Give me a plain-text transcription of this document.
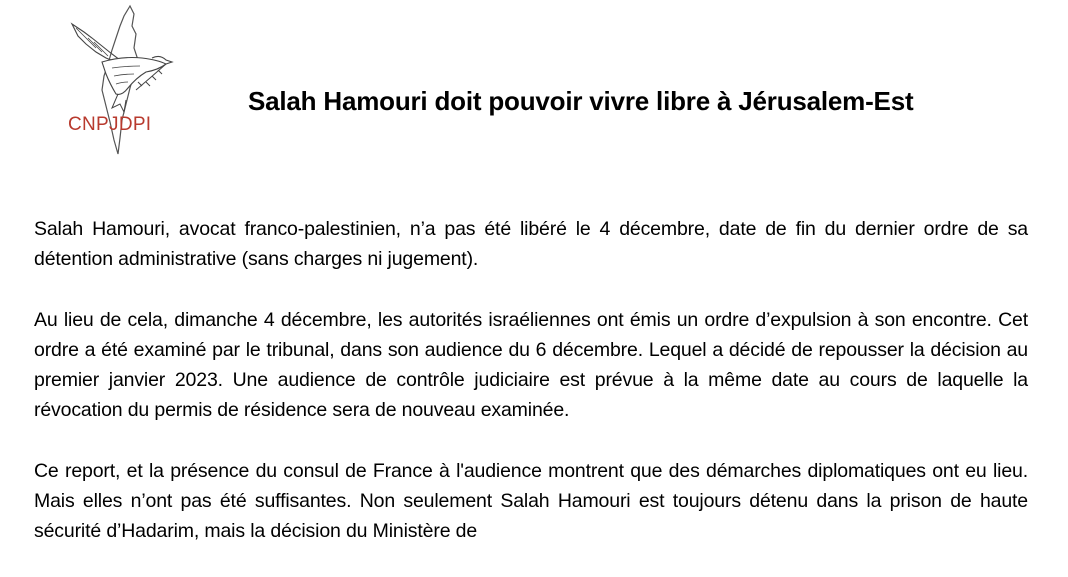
CNPJDPI
Salah Hamouri doit pouvoir vivre libre à Jérusalem-Est

Salah Hamouri, avocat franco-palestinien, n’a pas été libéré le 4 décembre, date de fin du dernier ordre de sa détention administrative (sans charges ni jugement).

Au lieu de cela, dimanche 4 décembre, les autorités israéliennes ont émis un ordre d’expulsion à son encontre. Cet ordre a été examiné par le tribunal, dans son audience du 6 décembre. Lequel a décidé de repousser la décision au premier janvier 2023. Une audience de contrôle judiciaire est prévue à la même date au cours de laquelle la révocation du permis de résidence sera de nouveau examinée.

Ce report, et la présence du consul de France à l'audience montrent que des démarches diplomatiques ont eu lieu. Mais elles n’ont pas été suffisantes. Non seulement Salah Hamouri est toujours détenu dans la prison de haute sécurité d’Hadarim, mais la décision du Ministère de
